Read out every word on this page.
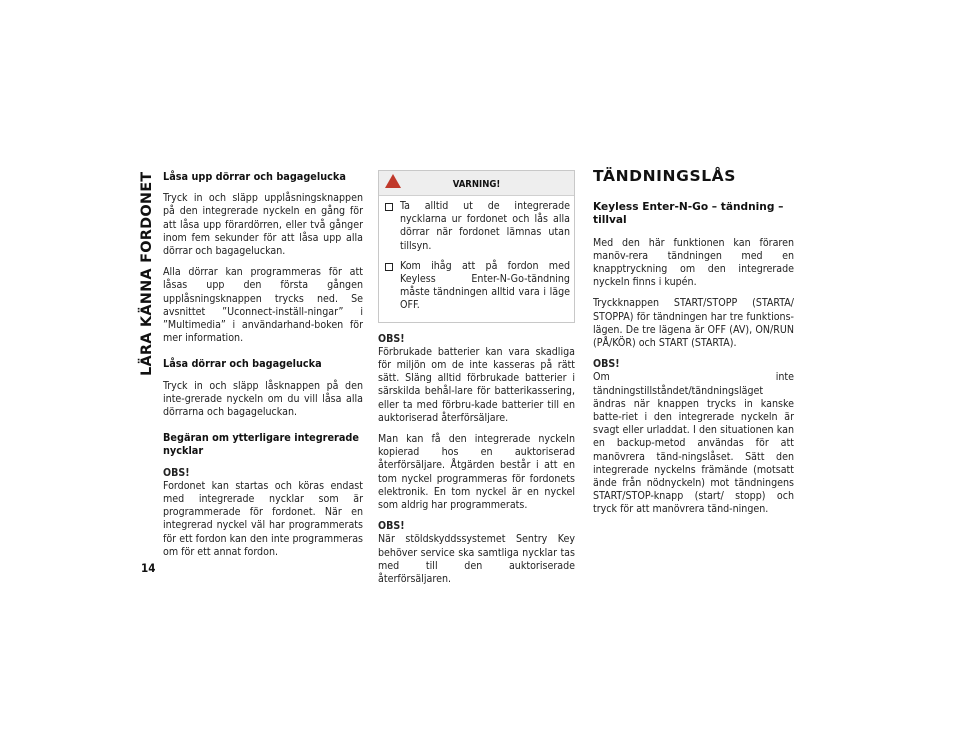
LÄRA KÄNNA FORDONET
14
Låsa upp dörrar och bagagelucka

Tryck in och släpp upplåsningsknappen på den integrerade nyckeln en gång för att låsa upp förardörren, eller två gånger inom fem sekunder för att låsa upp alla dörrar och bagageluckan.

Alla dörrar kan programmeras för att låsas upp den första gången upplåsningsknappen trycks ned. Se avsnittet ”Uconnect-inställ-ningar” i ”Multimedia” i användarhand-boken för mer information.

Låsa dörrar och bagagelucka

Tryck in och släpp låsknappen på den inte-grerade nyckeln om du vill låsa alla dörrarna och bagageluckan.

Begäran om ytterligare integrerade nycklar

OBS!
Fordonet kan startas och köras endast med integrerade nycklar som är programmerade för fordonet. När en integrerad nyckel väl har programmerats för ett fordon kan den inte programmeras om för ett annat fordon.

VARNING!
Ta alltid ut de integrerade nycklarna ur fordonet och lås alla dörrar när fordonet lämnas utan tillsyn.
Kom ihåg att på fordon med Keyless Enter-N-Go-tändning måste tändningen alltid vara i läge OFF.

OBS!
Förbrukade batterier kan vara skadliga för miljön om de inte kasseras på rätt sätt. Släng alltid förbrukade batterier i särskilda behål-lare för batterikassering, eller ta med förbru-kade batterier till en auktoriserad återförsäljare.

Man kan få den integrerade nyckeln kopierad hos en auktoriserad återförsäljare. Åtgärden består i att en tom nyckel programmeras för fordonets elektronik. En tom nyckel är en nyckel som aldrig har programmerats.

OBS!
När stöldskyddssystemet Sentry Key behöver service ska samtliga nycklar tas med till den auktoriserade återförsäljaren.

TÄNDNINGSLÅS
Keyless Enter-N-Go – tändning – tillval

Med den här funktionen kan föraren manöv-rera tändningen med en knapptryckning om den integrerade nyckeln finns i kupén.

Tryckknappen START/STOPP (STARTA/ STOPPA) för tändningen har tre funktions-lägen. De tre lägena är OFF (AV), ON/RUN (PÅ/KÖR) och START (STARTA).

OBS!
Om inte tändningstillståndet/tändningsläget ändras när knappen trycks in kanske batte-riet i den integrerade nyckeln är svagt eller urladdat. I den situationen kan en backup-metod användas för att manövrera tänd-ningslåset. Sätt den integrerade nyckelns främände (motsatt ände från nödnyckeln) mot tändningens START/STOP-knapp (start/ stopp) och tryck för att manövrera tänd-ningen.
